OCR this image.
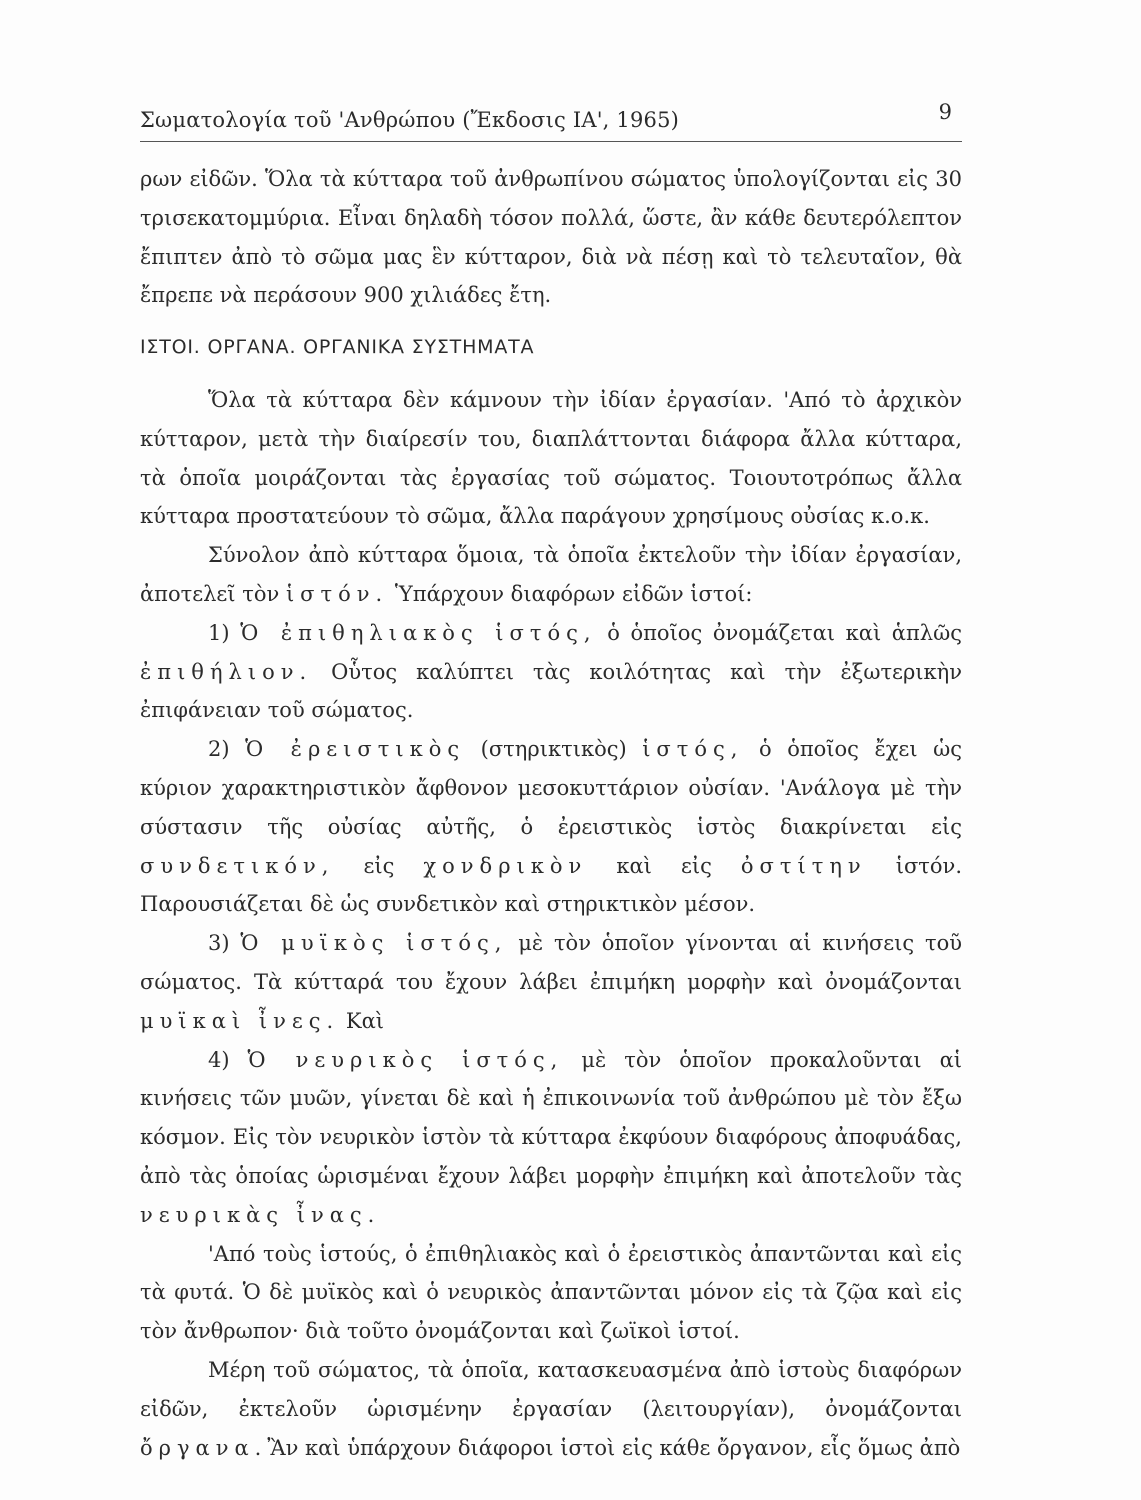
Σωματολογία τοῦ 'Ανθρώπου (Ἔκδοσις ΙΑ', 1965)	9

ρων εἰδῶν. Ὅλα τὰ κύτταρα τοῦ ἀνθρωπίνου σώματος ὑπολογίζονται εἰς 30 τρισεκατομμύρια. Εἶναι δηλαδὴ τόσον πολλά, ὥστε, ἂν κάθε δευτερόλεπτον ἔπιπτεν ἀπὸ τὸ σῶμα μας ἓν κύτταρον, διὰ νὰ πέσῃ καὶ τὸ τελευταῖον, θὰ ἔπρεπε νὰ περάσουν 900 χιλιάδες ἔτη.

ΙΣΤΟΙ. ΟΡΓΑΝΑ. ΟΡΓΑΝΙΚΑ ΣΥΣΤΗΜΑΤΑ

Ὅλα τὰ κύτταρα δὲν κάμνουν τὴν ἰδίαν ἐργασίαν. 'Από τὸ ἀρχικὸν κύτταρον, μετὰ τὴν διαίρεσίν του, διαπλάττονται διάφορα ἄλλα κύτταρα, τὰ ὁποῖα μοιράζονται τὰς ἐργασίας τοῦ σώματος. Τοιουτοτρόπως ἄλλα κύτταρα προστατεύουν τὸ σῶμα, ἄλλα παράγουν χρησίμους οὐσίας κ.ο.κ.

Σύνολον ἀπὸ κύτταρα ὅμοια, τὰ ὁποῖα ἐκτελοῦν τὴν ἰδίαν ἐργασίαν, ἀποτελεῖ τὸν ἱστόν. Ὑπάρχουν διαφόρων εἰδῶν ἱστοί:

1) Ὁ ἐπιθηλιακὸς ἱστός, ὁ ὁποῖος ὀνομάζεται καὶ ἁπλῶς ἐπιθήλιον. Οὗτος καλύπτει τὰς κοιλότητας καὶ τὴν ἐξωτερικὴν ἐπιφάνειαν τοῦ σώματος.

2) Ὁ ἐρειστικὸς (στηρικτικὸς) ἱστός, ὁ ὁποῖος ἔχει ὡς κύριον χαρακτηριστικὸν ἄφθονον μεσοκυττάριον οὐσίαν. 'Ανάλογα μὲ τὴν σύστασιν τῆς οὐσίας αὐτῆς, ὁ ἐρειστικὸς ἱστὸς διακρίνεται εἰς συνδετικόν, εἰς χονδρικὸν καὶ εἰς ὀστίτην ἱστόν. Παρουσιάζεται δὲ ὡς συνδετικὸν καὶ στηρικτικὸν μέσον.

3) Ὁ μυϊκὸς ἱστός, μὲ τὸν ὁποῖον γίνονται αἱ κινήσεις τοῦ σώματος. Τὰ κύτταρά του ἔχουν λάβει ἐπιμήκη μορφὴν καὶ ὀνομάζονται μυϊκαὶ ἶνες. Καὶ

4) Ὁ νευρικὸς ἱστός, μὲ τὸν ὁποῖον προκαλοῦνται αἱ κινήσεις τῶν μυῶν, γίνεται δὲ καὶ ἡ ἐπικοινωνία τοῦ ἀνθρώπου μὲ τὸν ἔξω κόσμον. Εἰς τὸν νευρικὸν ἱστὸν τὰ κύτταρα ἐκφύουν διαφόρους ἀποφυάδας, ἀπὸ τὰς ὁποίας ὡρισμέναι ἔχουν λάβει μορφὴν ἐπιμήκη καὶ ἀποτελοῦν τὰς νευρικὰς ἶνας.

'Από τοὺς ἱστούς, ὁ ἐπιθηλιακὸς καὶ ὁ ἐρειστικὸς ἀπαντῶνται καὶ εἰς τὰ φυτά. Ὁ δὲ μυϊκὸς καὶ ὁ νευρικὸς ἀπαντῶνται μόνον εἰς τὰ ζῷα καὶ εἰς τὸν ἄνθρωπον· διὰ τοῦτο ὀνομάζονται καὶ ζωϊκοὶ ἱστοί.

Μέρη τοῦ σώματος, τὰ ὁποῖα, κατασκευασμένα ἀπὸ ἱστοὺς διαφόρων εἰδῶν, ἐκτελοῦν ὡρισμένην ἐργασίαν (λειτουργίαν), ὀνομάζονται ὄργανα.Ἂν καὶ ὑπάρχουν διάφοροι ἱστοὶ εἰς κάθε ὄργανον, εἷς ὅμως ἀπὸ
